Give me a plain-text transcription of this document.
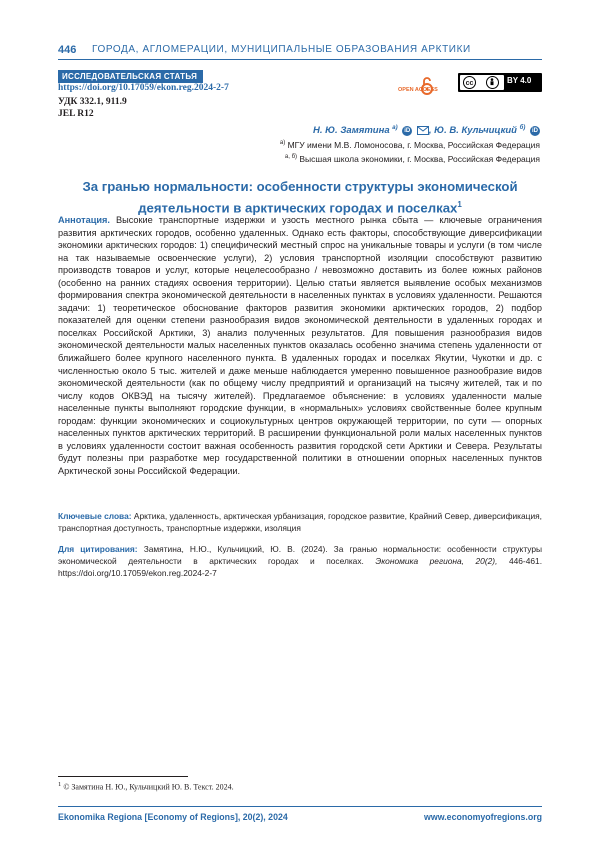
446 ГОРОДА, АГЛОМЕРАЦИИ, МУНИЦИПАЛЬНЫЕ ОБРАЗОВАНИЯ АРКТИКИ
ИССЛЕДОВАТЕЛЬСКАЯ СТАТЬЯ
https://doi.org/10.17059/ekon.reg.2024-2-7
УДК 332.1, 911.9
JEL R12
OPEN ACCESS
cc	BY 4.0
Н. Ю. Замятина $^{а)}$ iD , Ю. В. Кульчицкий $^{б)}$ iD
$^{а)}$ МГУ имени М.В. Ломоносова, г. Москва, Российская Федерация
$^{а, б)}$ Высшая школа экономики, г. Москва, Российская Федерация
За гранью нормальности: особенности структуры экономической
деятельности в арктических городах и поселках$^1$
Аннотация. Высокие транспортные издержки и узость местного рынка сбыта — ключевые ограничения развития арктических городов, особенно удаленных. Однако есть факторы, способствующие диверсификации экономики арктических городов: 1) специфический местный спрос на уникальные товары и услуги (в том числе на так называемые освоенческие услуги), 2) условия транспортной изоляции способствуют развитию производств товаров и услуг, которые нецелесообразно / невозможно доставить из более южных районов (особенно на ранних стадиях освоения территории). Целью статьи является выявление особых механизмов формирования спектра экономической деятельности в населенных пунктах в условиях удаленности. Решаются задачи: 1) теоретическое обоснование факторов развития экономики арктических городов, 2) подбор показателей для оценки степени разнообразия видов экономической деятельности в удаленных городах и поселках Российской Арктики, 3) анализ полученных результатов. Для повышения разнообразия видов экономической деятельности малых населенных пунктов оказалась особенно значима степень удаленности от ближайшего более крупного населенного пункта. В удаленных городах и поселках Якутии, Чукотки и др. с численностью около 5 тыс. жителей и даже меньше наблюдается умеренно повышенное разнообразие видов экономической деятельности (как по общему числу предприятий и организаций на тысячу жителей, так и по числу кодов ОКВЭД на тысячу жителей). Предлагаемое объяснение: в условиях удаленности малые населенные пункты выполняют городские функции, в «нормальных» условиях свойственные более крупным городам: функции экономических и социокультурных центров окружающей территории, по сути — опорных населенных пунктов арктических территорий. В расширении функциональной роли малых населенных пунктов в условиях удаленности состоит важная особенность развития городской сети Арктики и Севера. Результаты будут полезны при разработке мер государственной политики в отношении опорных населенных пунктов Арктической зоны Российской Федерации.
Ключевые слова: Арктика, удаленность, арктическая урбанизация, городское развитие, Крайний Север, диверсификация, транспортная доступность, транспортные издержки, изоляция
Для цитирования: Замятина, Н.Ю., Кульчицкий, Ю. В. (2024). За гранью нормальности: особенности структуры экономической деятельности в арктических городах и поселках. Экономика региона, 20(2), 446-461. https://doi.org/10.17059/ekon.reg.2024-2-7
$^1$ © Замятина Н. Ю., Кульчицкий Ю. В. Текст. 2024.
Ekonomika Regiona [Economy of Regions], 20(2), 2024	www.economyofregions.org
